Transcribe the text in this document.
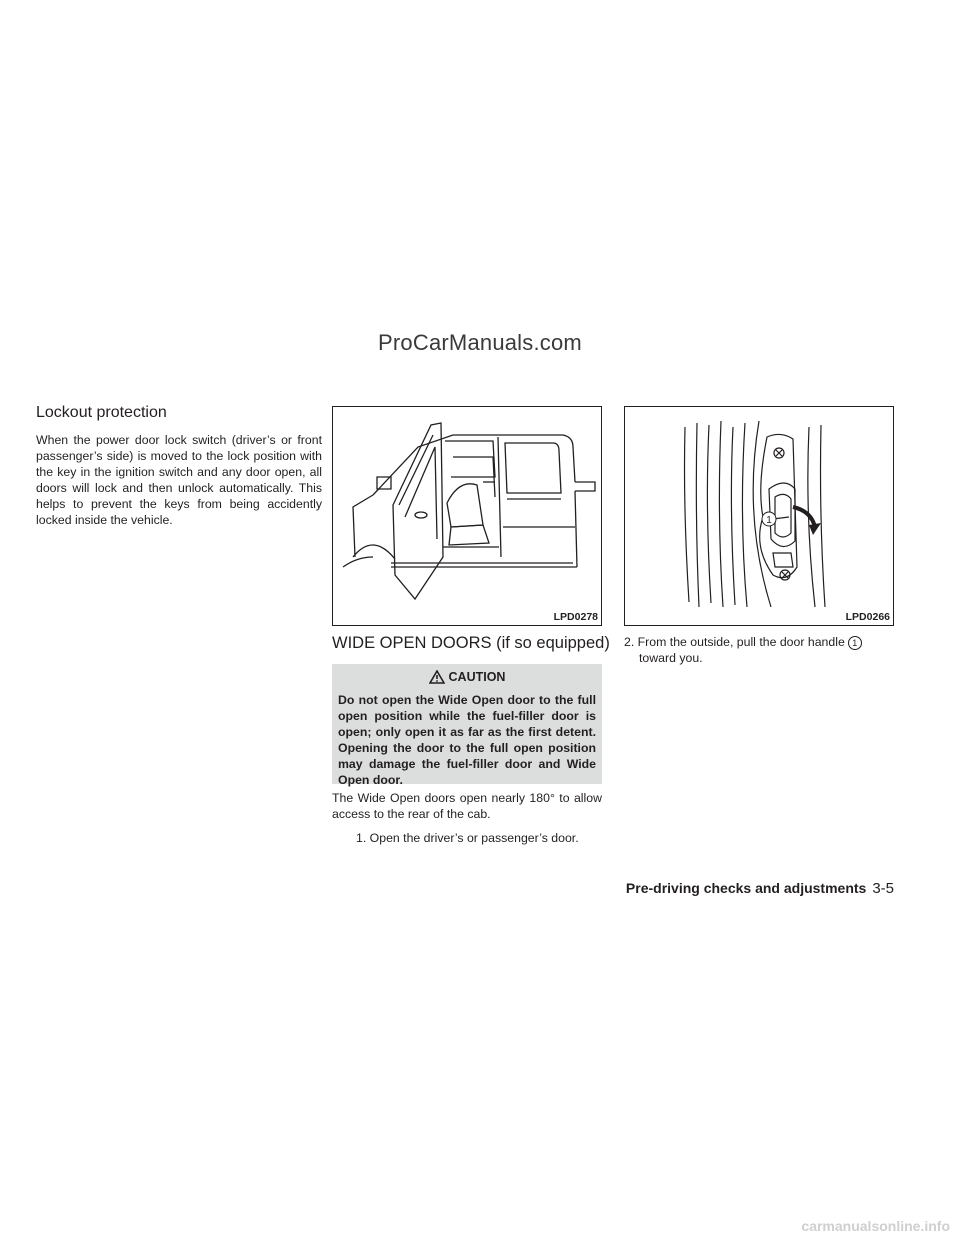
ProCarManuals.com
Lockout protection

When the power door lock switch (driver’s or front passenger’s side) is moved to the lock position with the key in the ignition switch and any door open, all doors will lock and then unlock automatically. This helps to prevent the keys from being accidently locked inside the vehicle.

LPD0278
1
LPD0266
WIDE OPEN DOORS (if so equipped)
CAUTION

Do not open the Wide Open door to the full open position while the fuel-filler door is open; only open it as far as the first detent. Opening the door to the full open position may damage the fuel-filler door and Wide Open door.

The Wide Open doors open nearly 180° to allow access to the rear of the cab.

1. Open the driver’s or passenger’s door.

2. From the outside, pull the door handle 1
toward you.

Pre-driving checks and adjustments 3-5
carmanualsonline.info
